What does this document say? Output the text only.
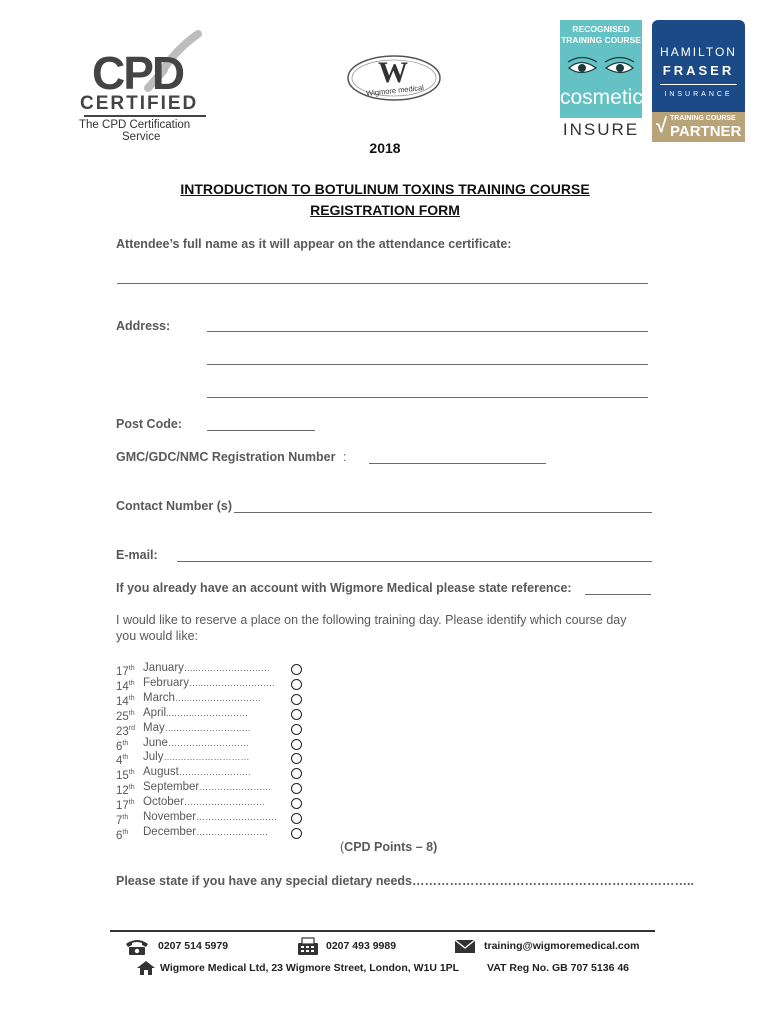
CPD
CERTIFIED
The CPD Certification
Service
W
Wigmore medical
RECOGNISED
TRAINING COURSE
cosmetic
INSURE
HAMILTON
FRASER
INSURANCE
√ TRAINING COURSE
PARTNER
2018
INTRODUCTION TO BOTULINUM TOXINS TRAINING COURSE
REGISTRATION FORM
Attendee’s full name as it will appear on the attendance certificate:
Address:
Post Code:
GMC/GDC/NMC Registration Number :
Contact Number (s)
E-mail:
If you already have an account with Wigmore Medical please state reference:
I would like to reserve a place on the following training day. Please identify which course day
you would like:
17th January…..……………………
14th February…..……………………
14th March…..……………………
25th April..……..………………
23rd May…..……………………
6th June………………………
4th July…..……………………
15th August……………………
12th September……………………
17th October………………………
7th November………………………
6th December……………………
(CPD Points – 8)
Please state if you have any special dietary needs…………………………………………………………..
0207 514 5979	0207 493 9989	training@wigmoremedical.com
Wigmore Medical Ltd, 23 Wigmore Street, London, W1U 1PL	VAT Reg No. GB 707 5136 46
